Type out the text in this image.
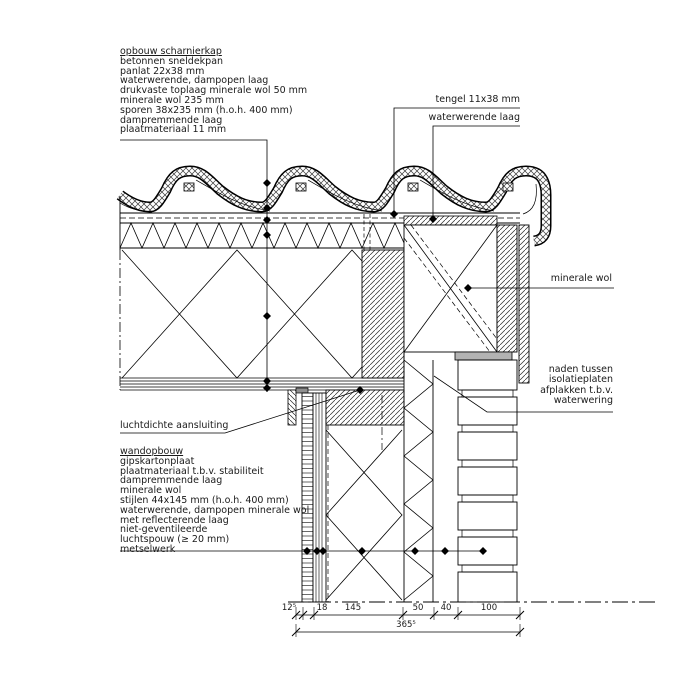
opbouw scharnierkap
betonnen sneldekpan
panlat 22x38 mm
waterwerende, dampopen laag
drukvaste toplaag minerale wol 50 mm
minerale wol 235 mm
sporen 38x235 mm (h.o.h. 400 mm)
dampremmende laag
plaatmateriaal 11 mm
tengel 11x38 mm
waterwerende laag
minerale wol
naden tussen
isolatieplaten
afplakken t.b.v.
waterwering
luchtdichte aansluiting
wandopbouw
gipskartonplaat
plaatmateriaal t.b.v. stabiliteit
dampremmende laag
minerale wol
stijlen 44x145 mm (h.o.h. 400 mm)
waterwerende, dampopen minerale wol
met reflecterende laag
niet-geventileerde
luchtspouw (≥ 20 mm)
metselwerk
12⁵ 18 145	50 40	100
365⁵
